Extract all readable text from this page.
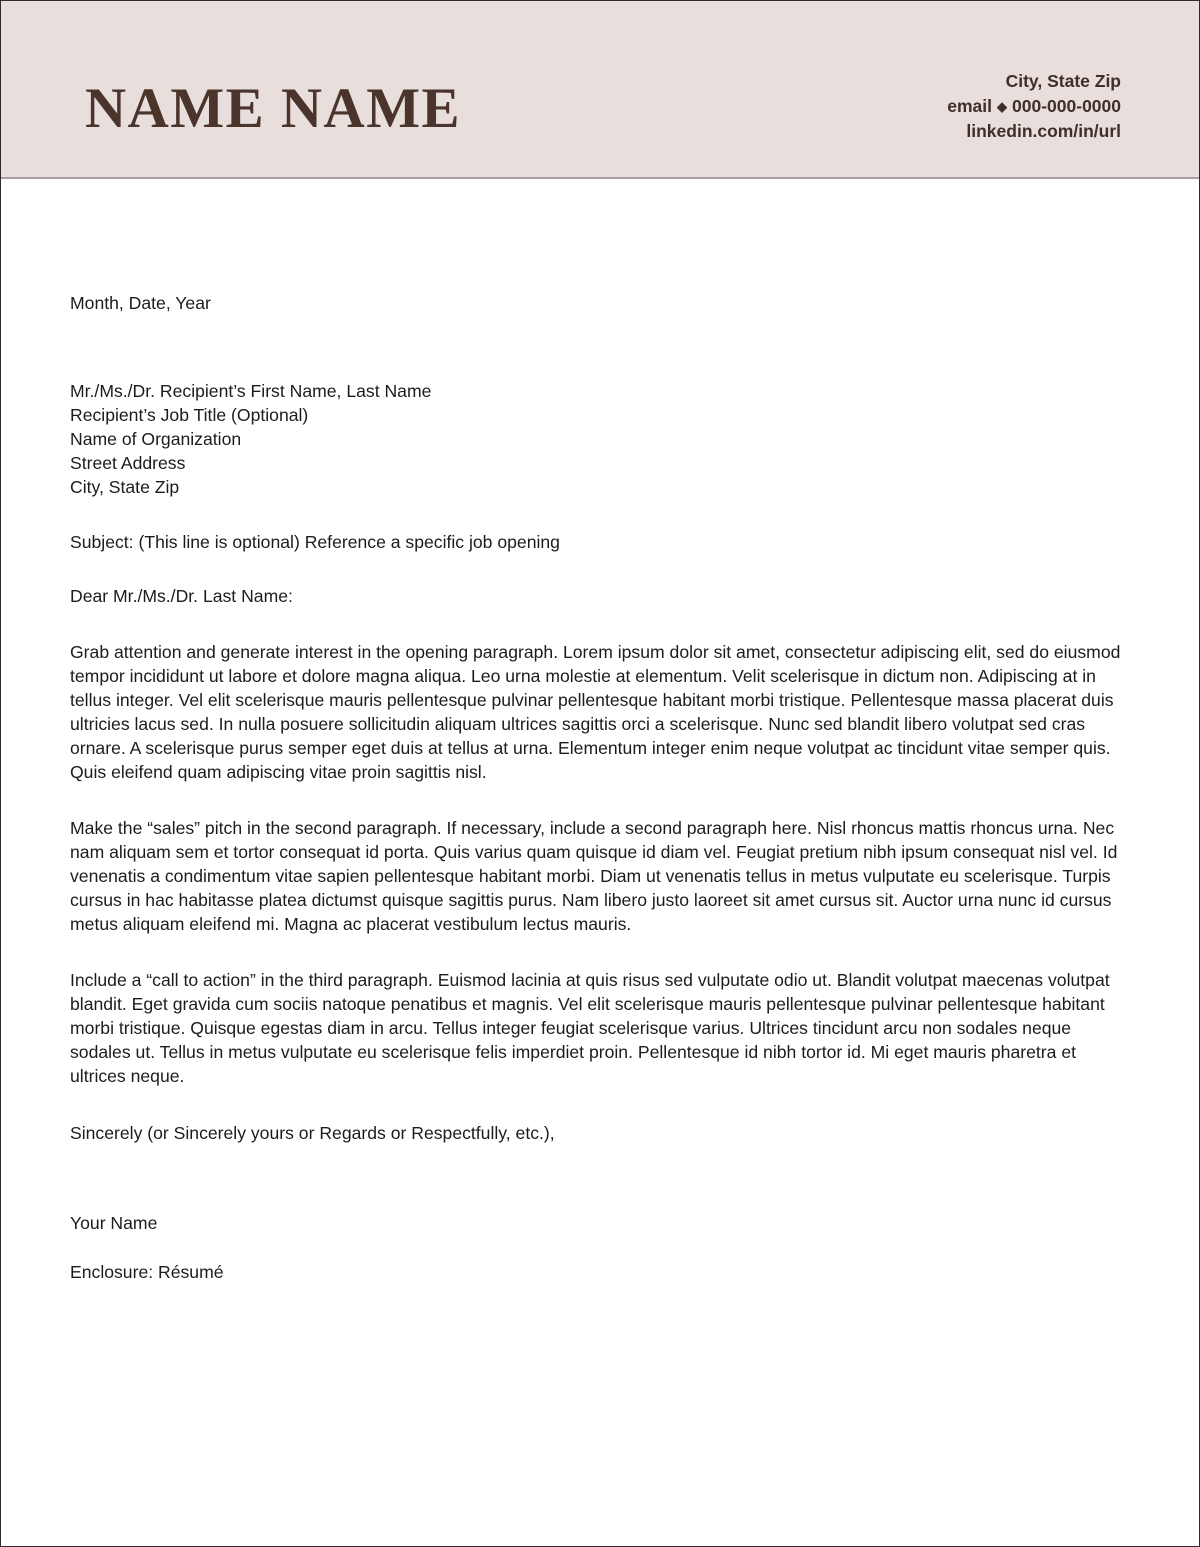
NAME NAME	City, State Zip
email ◆ 000-000-0000
linkedin.com/in/url
Month, Date, Year
Mr./Ms./Dr. Recipient’s First Name, Last Name
Recipient’s Job Title (Optional)
Name of Organization
Street Address
City, State Zip
Subject: (This line is optional) Reference a specific job opening
Dear Mr./Ms./Dr. Last Name:

Grab attention and generate interest in the opening paragraph. Lorem ipsum dolor sit amet, consectetur adipiscing elit, sed do eiusmod tempor incididunt ut labore et dolore magna aliqua. Leo urna molestie at elementum. Velit scelerisque in dictum non. Adipiscing at in tellus integer. Vel elit scelerisque mauris pellentesque pulvinar pellentesque habitant morbi tristique. Pellentesque massa placerat duis ultricies lacus sed. In nulla posuere sollicitudin aliquam ultrices sagittis orci a scelerisque. Nunc sed blandit libero volutpat sed cras ornare. A scelerisque purus semper eget duis at tellus at urna. Elementum integer enim neque volutpat ac tincidunt vitae semper quis. Quis eleifend quam adipiscing vitae proin sagittis nisl.

Make the “sales” pitch in the second paragraph. If necessary, include a second paragraph here. Nisl rhoncus mattis rhoncus urna. Nec nam aliquam sem et tortor consequat id porta. Quis varius quam quisque id diam vel. Feugiat pretium nibh ipsum consequat nisl vel. Id venenatis a condimentum vitae sapien pellentesque habitant morbi. Diam ut venenatis tellus in metus vulputate eu scelerisque. Turpis cursus in hac habitasse platea dictumst quisque sagittis purus. Nam libero justo laoreet sit amet cursus sit. Auctor urna nunc id cursus metus aliquam eleifend mi. Magna ac placerat vestibulum lectus mauris.

Include a “call to action” in the third paragraph. Euismod lacinia at quis risus sed vulputate odio ut. Blandit volutpat maecenas volutpat blandit. Eget gravida cum sociis natoque penatibus et magnis. Vel elit scelerisque mauris pellentesque pulvinar pellentesque habitant morbi tristique. Quisque egestas diam in arcu. Tellus integer feugiat scelerisque varius. Ultrices tincidunt arcu non sodales neque sodales ut. Tellus in metus vulputate eu scelerisque felis imperdiet proin. Pellentesque id nibh tortor id. Mi eget mauris pharetra et ultrices neque.

Sincerely (or Sincerely yours or Regards or Respectfully, etc.),
Your Name
Enclosure: Résumé
